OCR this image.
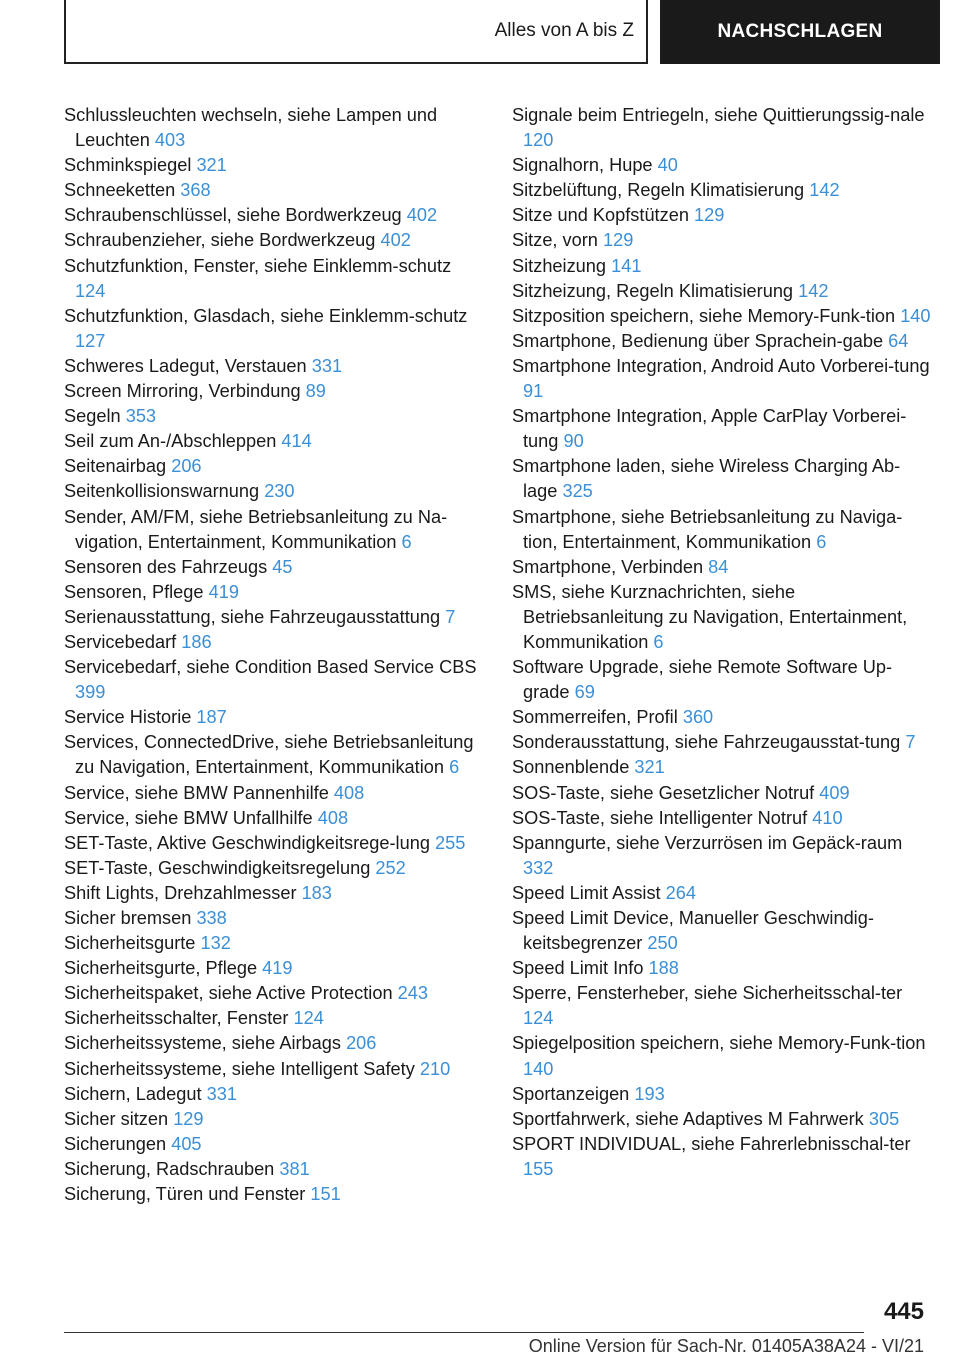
Alles von A bis Z	NACHSCHLAGEN

Schlussleuchten wechseln, siehe Lampen und Leuchten 403

Schminkspiegel 321

Schneeketten 368

Schraubenschlüssel, siehe Bordwerkzeug 402

Schraubenzieher, siehe Bordwerkzeug 402

Schutzfunktion, Fenster, siehe Einklemm-schutz 124

Schutzfunktion, Glasdach, siehe Einklemm-schutz 127

Schweres Ladegut, Verstauen 331

Screen Mirroring, Verbindung 89

Segeln 353

Seil zum An-/Abschleppen 414

Seitenairbag 206

Seitenkollisionswarnung 230

Sender, AM/FM, siehe Betriebsanleitung zu Na-vigation, Entertainment, Kommunikation 6

Sensoren des Fahrzeugs 45

Sensoren, Pflege 419

Serienausstattung, siehe Fahrzeugausstattung 7

Servicebedarf 186

Servicebedarf, siehe Condition Based Service CBS 399

Service Historie 187

Services, ConnectedDrive, siehe Betriebsanleitung zu Navigation, Entertainment, Kommunikation 6

Service, siehe BMW Pannenhilfe 408

Service, siehe BMW Unfallhilfe 408

SET-Taste, Aktive Geschwindigkeitsrege-lung 255

SET-Taste, Geschwindigkeitsregelung 252

Shift Lights, Drehzahlmesser 183

Sicher bremsen 338

Sicherheitsgurte 132

Sicherheitsgurte, Pflege 419

Sicherheitspaket, siehe Active Protection 243

Sicherheitsschalter, Fenster 124

Sicherheitssysteme, siehe Airbags 206

Sicherheitssysteme, siehe Intelligent Safety 210

Sichern, Ladegut 331

Sicher sitzen 129

Sicherungen 405

Sicherung, Radschrauben 381

Sicherung, Türen und Fenster 151

Signale beim Entriegeln, siehe Quittierungssig-nale 120

Signalhorn, Hupe 40

Sitzbelüftung, Regeln Klimatisierung 142

Sitze und Kopfstützen 129

Sitze, vorn 129

Sitzheizung 141

Sitzheizung, Regeln Klimatisierung 142

Sitzposition speichern, siehe Memory-Funk-tion 140

Smartphone, Bedienung über Sprachein-gabe 64

Smartphone Integration, Android Auto Vorberei-tung 91

Smartphone Integration, Apple CarPlay Vorberei-tung 90

Smartphone laden, siehe Wireless Charging Ab-lage 325

Smartphone, siehe Betriebsanleitung zu Naviga-tion, Entertainment, Kommunikation 6

Smartphone, Verbinden 84

SMS, siehe Kurznachrichten, siehe Betriebsanleitung zu Navigation, Entertainment, Kommunikation 6

Software Upgrade, siehe Remote Software Up-grade 69

Sommerreifen, Profil 360

Sonderausstattung, siehe Fahrzeugausstat-tung 7

Sonnenblende 321

SOS-Taste, siehe Gesetzlicher Notruf 409

SOS-Taste, siehe Intelligenter Notruf 410

Spanngurte, siehe Verzurrösen im Gepäck-raum 332

Speed Limit Assist 264

Speed Limit Device, Manueller Geschwindig-keitsbegrenzer 250

Speed Limit Info 188

Sperre, Fensterheber, siehe Sicherheitsschal-ter 124

Spiegelposition speichern, siehe Memory-Funk-tion 140

Sportanzeigen 193

Sportfahrwerk, siehe Adaptives M Fahrwerk 305

SPORT INDIVIDUAL, siehe Fahrerlebnisschal-ter 155

445
Online Version für Sach-Nr. 01405A38A24 - VI/21
